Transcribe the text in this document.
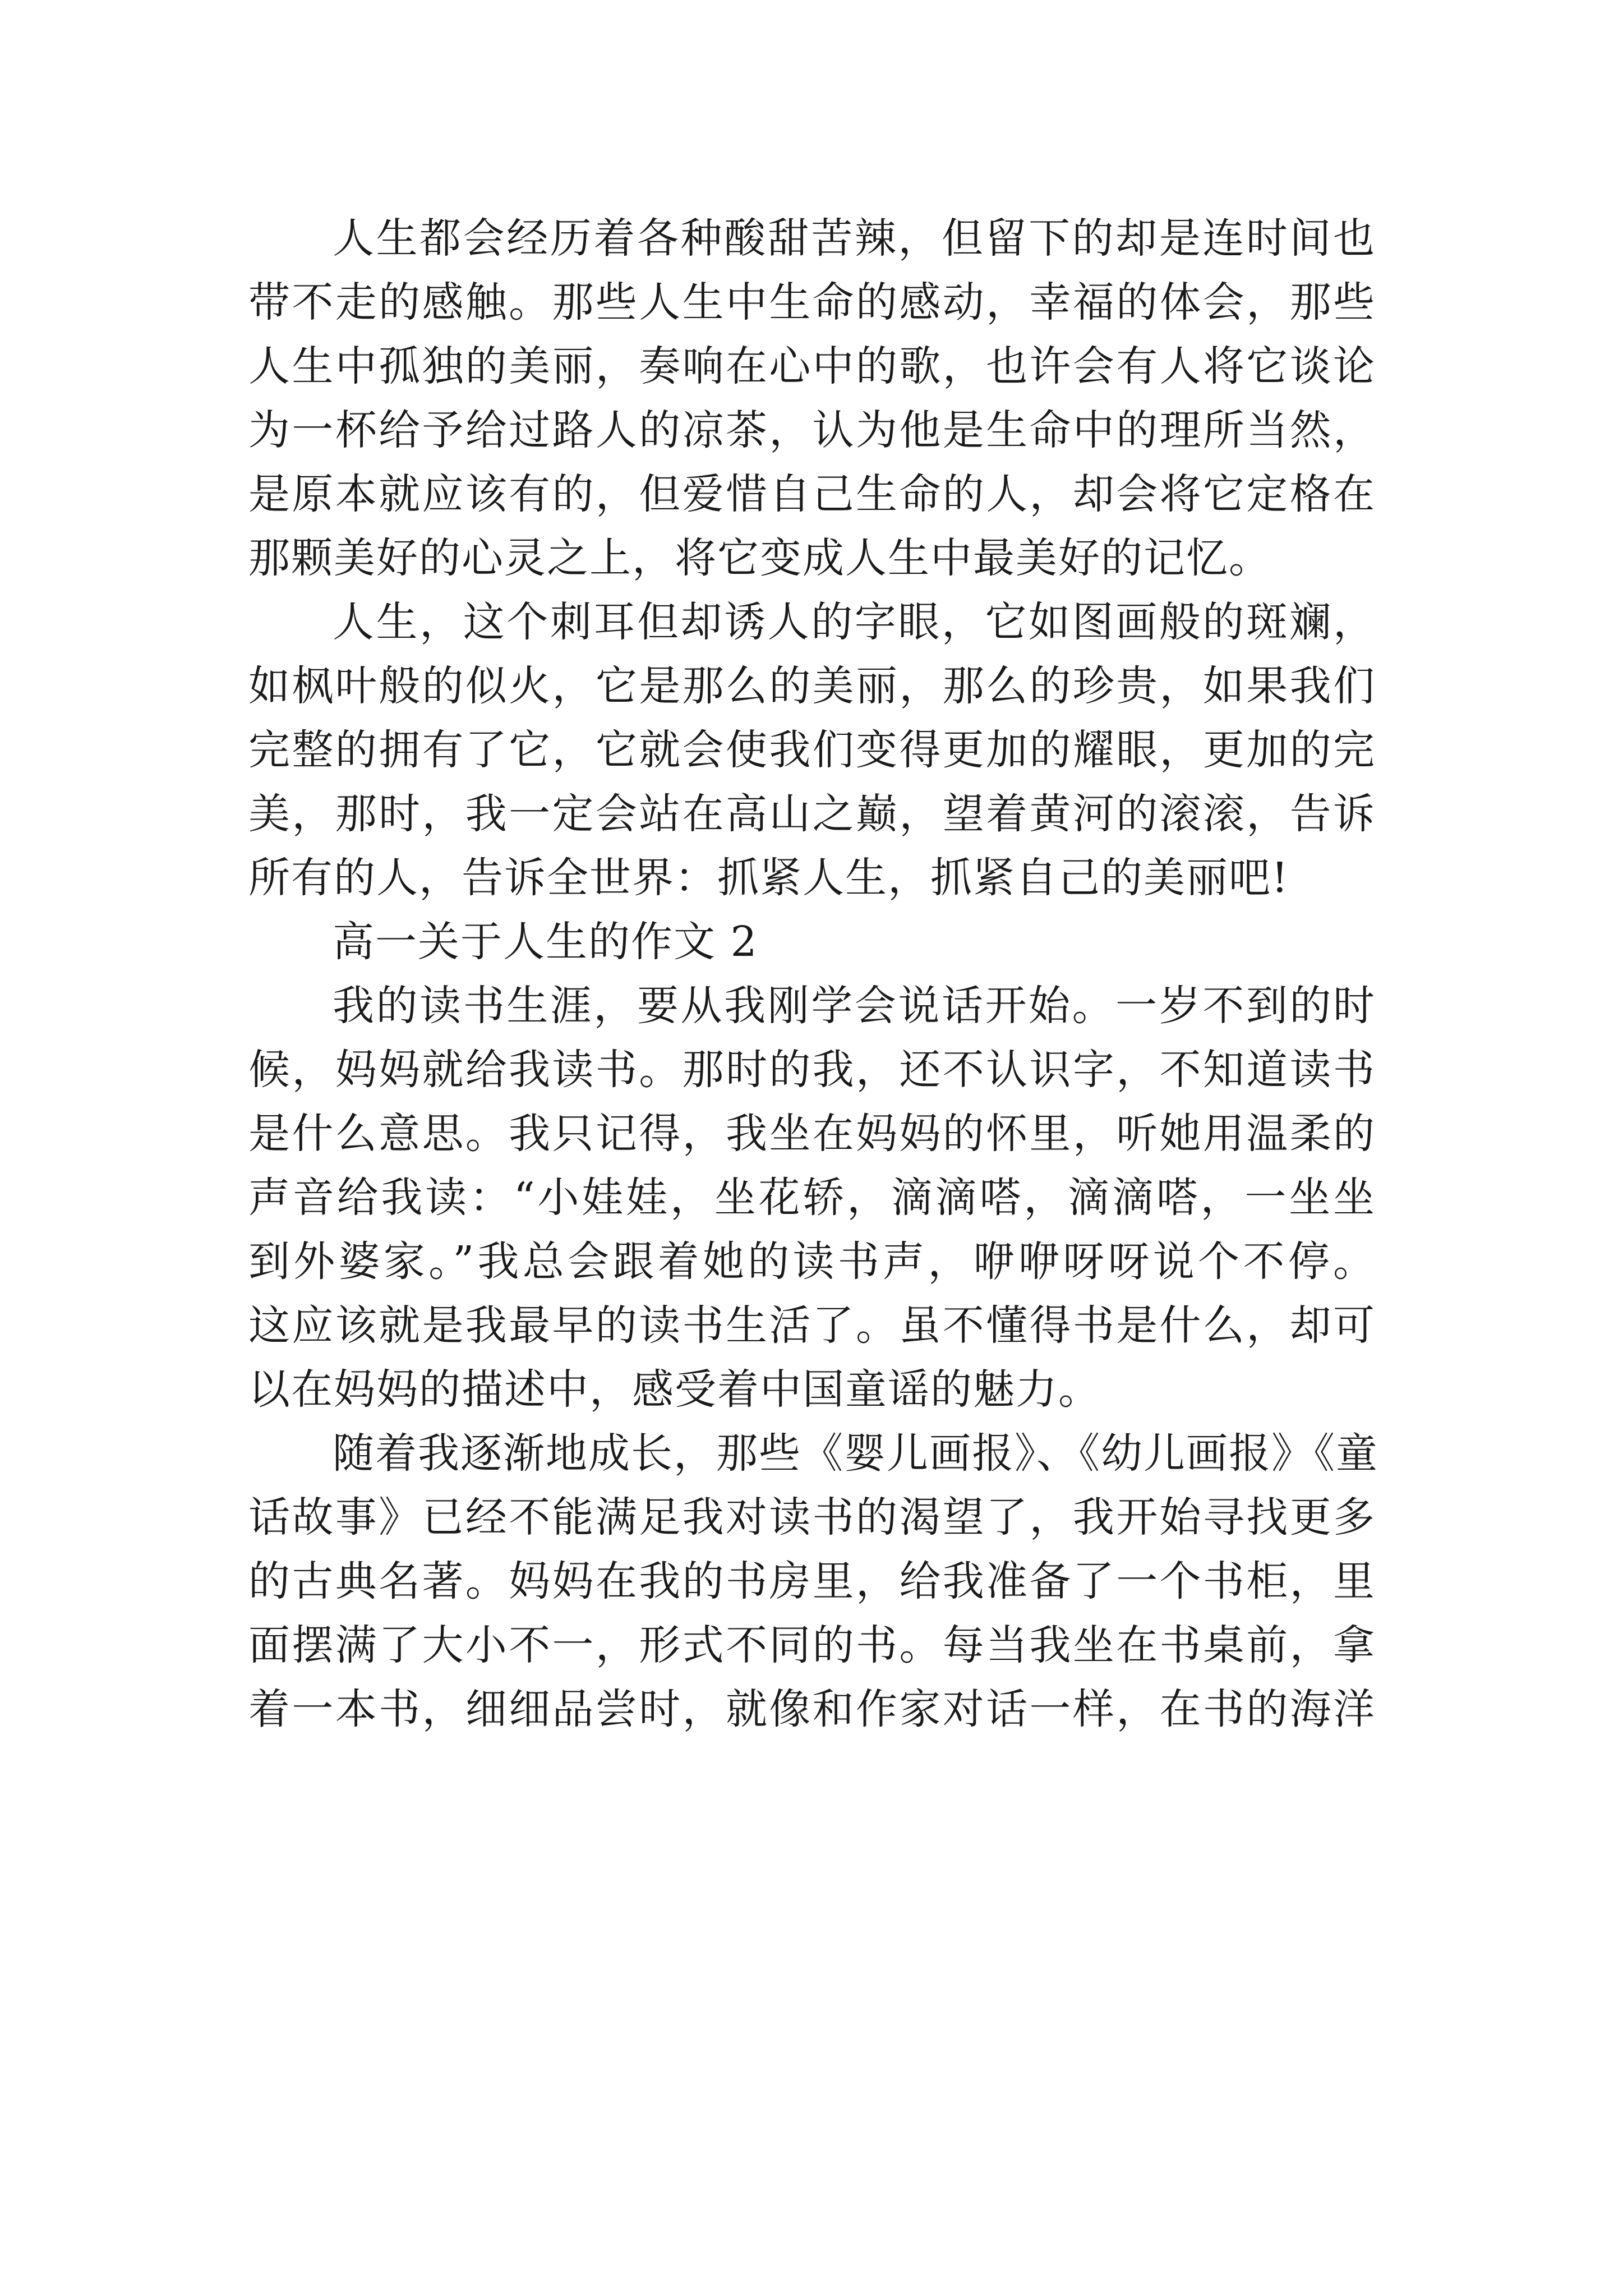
人生都会经历着各种酸甜苦辣，但留下的却是连时间也
带不走的感触。那些人生中生命的感动，幸福的体会，那些
人生中孤独的美丽，奏响在心中的歌，也许会有人将它谈论
为一杯给予给过路人的凉茶，认为他是生命中的理所当然，
是原本就应该有的，但爱惜自己生命的人，却会将它定格在
那颗美好的心灵之上，将它变成人生中最美好的记忆。
人生，这个刺耳但却诱人的字眼，它如图画般的斑斓，
如枫叶般的似火，它是那么的美丽，那么的珍贵，如果我们
完整的拥有了它，它就会使我们变得更加的耀眼，更加的完
美，那时，我一定会站在高山之巅，望着黄河的滚滚，告诉
所有的人，告诉全世界：抓紧人生，抓紧自己的美丽吧!
高一关于人生的作文 2
我的读书生涯，要从我刚学会说话开始。一岁不到的时
候，妈妈就给我读书。那时的我，还不认识字，不知道读书
是什么意思。我只记得，我坐在妈妈的怀里，听她用温柔的
声音给我读：“小娃娃，坐花轿，滴滴嗒，滴滴嗒，一坐坐
到外婆家。”我总会跟着她的读书声，咿咿呀呀说个不停。
这应该就是我最早的读书生活了。虽不懂得书是什么，却可
以在妈妈的描述中，感受着中国童谣的魅力。
随着我逐渐地成长，那些《婴儿画报》、《幼儿画报》《童
话故事》已经不能满足我对读书的渴望了，我开始寻找更多
的古典名著。妈妈在我的书房里，给我准备了一个书柜，里
面摆满了大小不一，形式不同的书。每当我坐在书桌前，拿
着一本书，细细品尝时，就像和作家对话一样，在书的海洋
